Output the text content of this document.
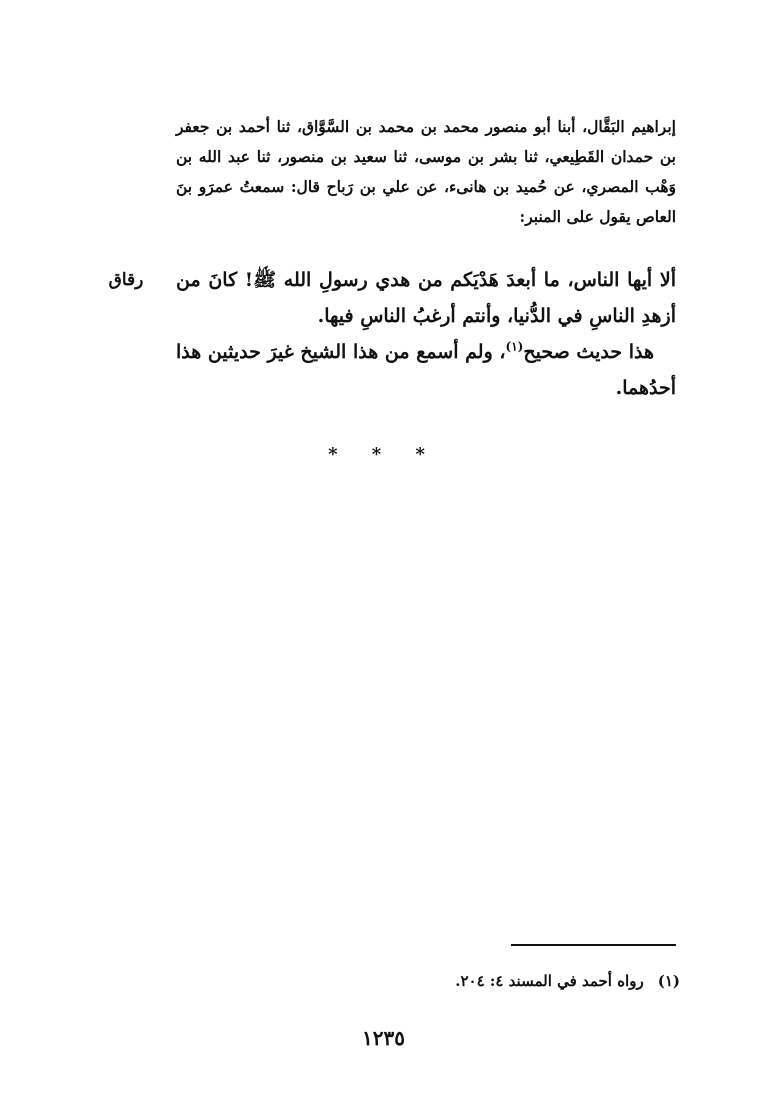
إبراهيم البَقَّال، أبنا أبو منصور محمد بن محمد بن السَّوَّاق، ثنا أحمد بن جعفر بن حمدان القَطِيعي، ثنا بشر بن موسى، ثنا سعيد بن منصور، ثنا عبد الله بن وَهْب المصري، عن حُميد بن هانىء، عن علي بن رَباح قال: سمعتُ عمرَو بنَ العاص يقول على المنبر:

رقاق	ألا أيها الناس، ما أبعدَ هَدْيَكم من هدي رسولِ الله ﷺ! كانَ من أزهدِ الناسِ في الدُّنيا، وأنتم أرغبُ الناسِ فيها.
هذا حديث صحيح$^{(١)}$، ولم أسمع من هذا الشيخ غيرَ حديثين هذا أحدُهما.
* * *
(١)رواه أحمد في المسند ٤: ٢٠٤.
١٢٣٥
